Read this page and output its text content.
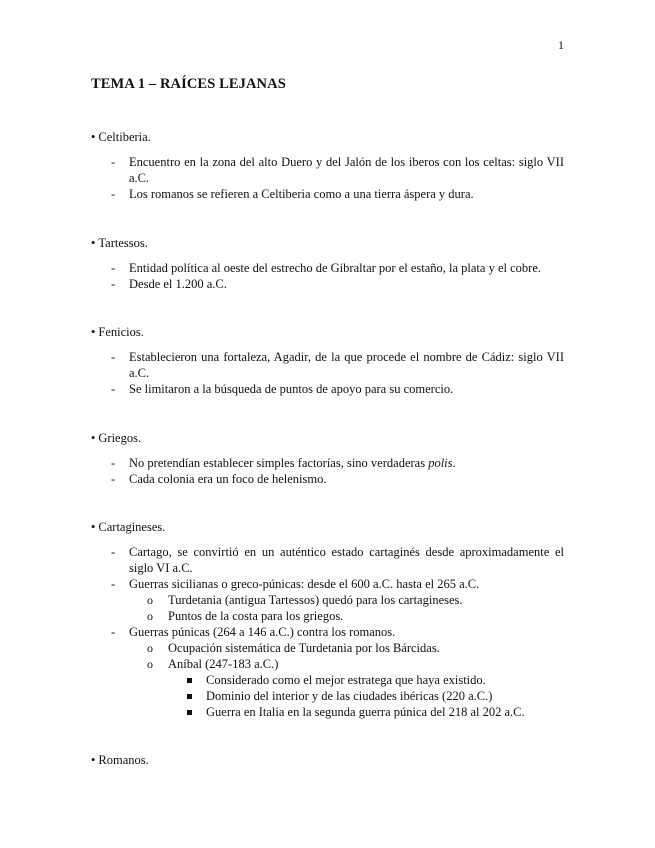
1
TEMA 1 – RAÍCES LEJANAS
• Celtiberia.
- Encuentro en la zona del alto Duero y del Jalón de los iberos con los celtas: siglo VII a.C.
- Los romanos se refieren a Celtiberia como a una tierra áspera y dura.
• Tartessos.
- Entidad política al oeste del estrecho de Gibraltar por el estaño, la plata y el cobre.
- Desde el 1.200 a.C.
• Fenicios.
- Establecieron una fortaleza, Agadir, de la que procede el nombre de Cádiz: siglo VII a.C.
- Se limitaron a la búsqueda de puntos de apoyo para su comercio.
• Griegos.
- No pretendían establecer simples factorías, sino verdaderas polis.
- Cada colonia era un foco de helenismo.
• Cartagineses.
- Cartago, se convirtió en un auténtico estado cartaginés desde aproximadamente el siglo VI a.C.
- Guerras sicilianas o greco-púnicas: desde el 600 a.C. hasta el 265 a.C.
o Turdetania (antigua Tartessos) quedó para los cartagineses.
o Puntos de la costa para los griegos.
- Guerras púnicas (264 a 146 a.C.) contra los romanos.
o Ocupación sistemática de Turdetania por los Bárcidas.
o Aníbal (247-183 a.C.)
Considerado como el mejor estratega que haya existido.
Dominio del interior y de las ciudades ibéricas (220 a.C.)
Guerra en Italia en la segunda guerra púnica del 218 al 202 a.C.
• Romanos.
